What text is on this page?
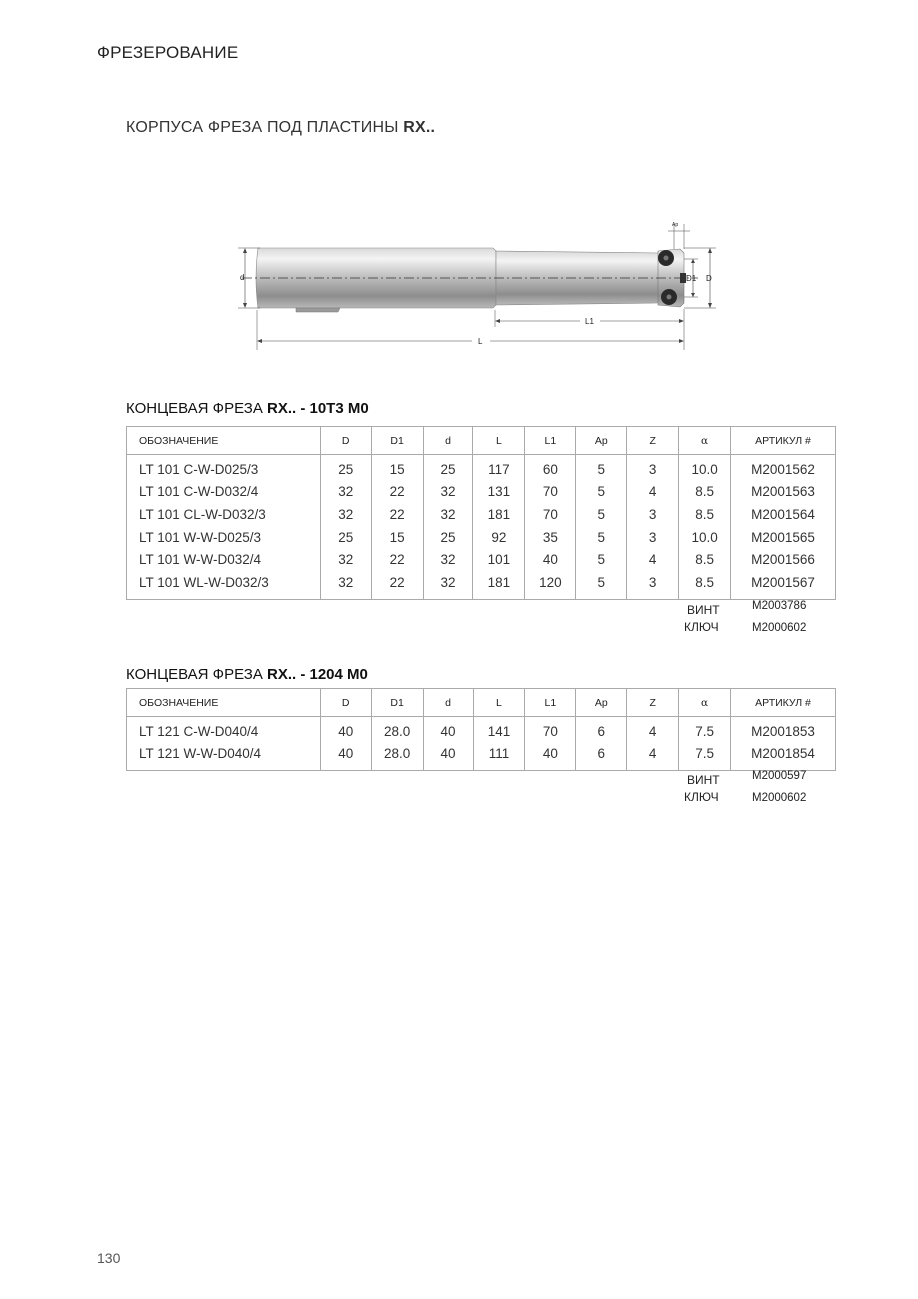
ФРЕЗЕРОВАНИЕ
КОРПУСА ФРЕЗА ПОД ПЛАСТИНЫ RX..
d
Ap
D1 D
L1
L
КОНЦЕВАЯ ФРЕЗА RX.. - 10T3 M0
ОБОЗНАЧЕНИЕ	D	D1	d	L	L1	Ap	Z	α	АРТИКУЛ #
LT 101 C-W-D025/3	25	15	25	117	60	5	3	10.0	M2001562
LT 101 C-W-D032/4	32	22	32	131	70	5	4	8.5	M2001563
LT 101 CL-W-D032/3	32	22	32	181	70	5	3	8.5	M2001564
LT 101 W-W-D025/3	25	15	25	92	35	5	3	10.0	M2001565
LT 101 W-W-D032/4	32	22	32	101	40	5	4	8.5	M2001566
LT 101 WL-W-D032/3	32	22	32	181	120	5	3	8.5	M2001567
ВИНТ	M2003786
КЛЮЧ	M2000602
КОНЦЕВАЯ ФРЕЗА RX.. - 1204 M0
ОБОЗНАЧЕНИЕ	D	D1	d	L	L1	Ap	Z	α	АРТИКУЛ #
LT 121 C-W-D040/4	40	28.0	40	141	70	6	4	7.5	M2001853
LT 121 W-W-D040/4	40	28.0	40	111	40	6	4	7.5	M2001854
ВИНТ	M2000597
КЛЮЧ	M2000602
130
